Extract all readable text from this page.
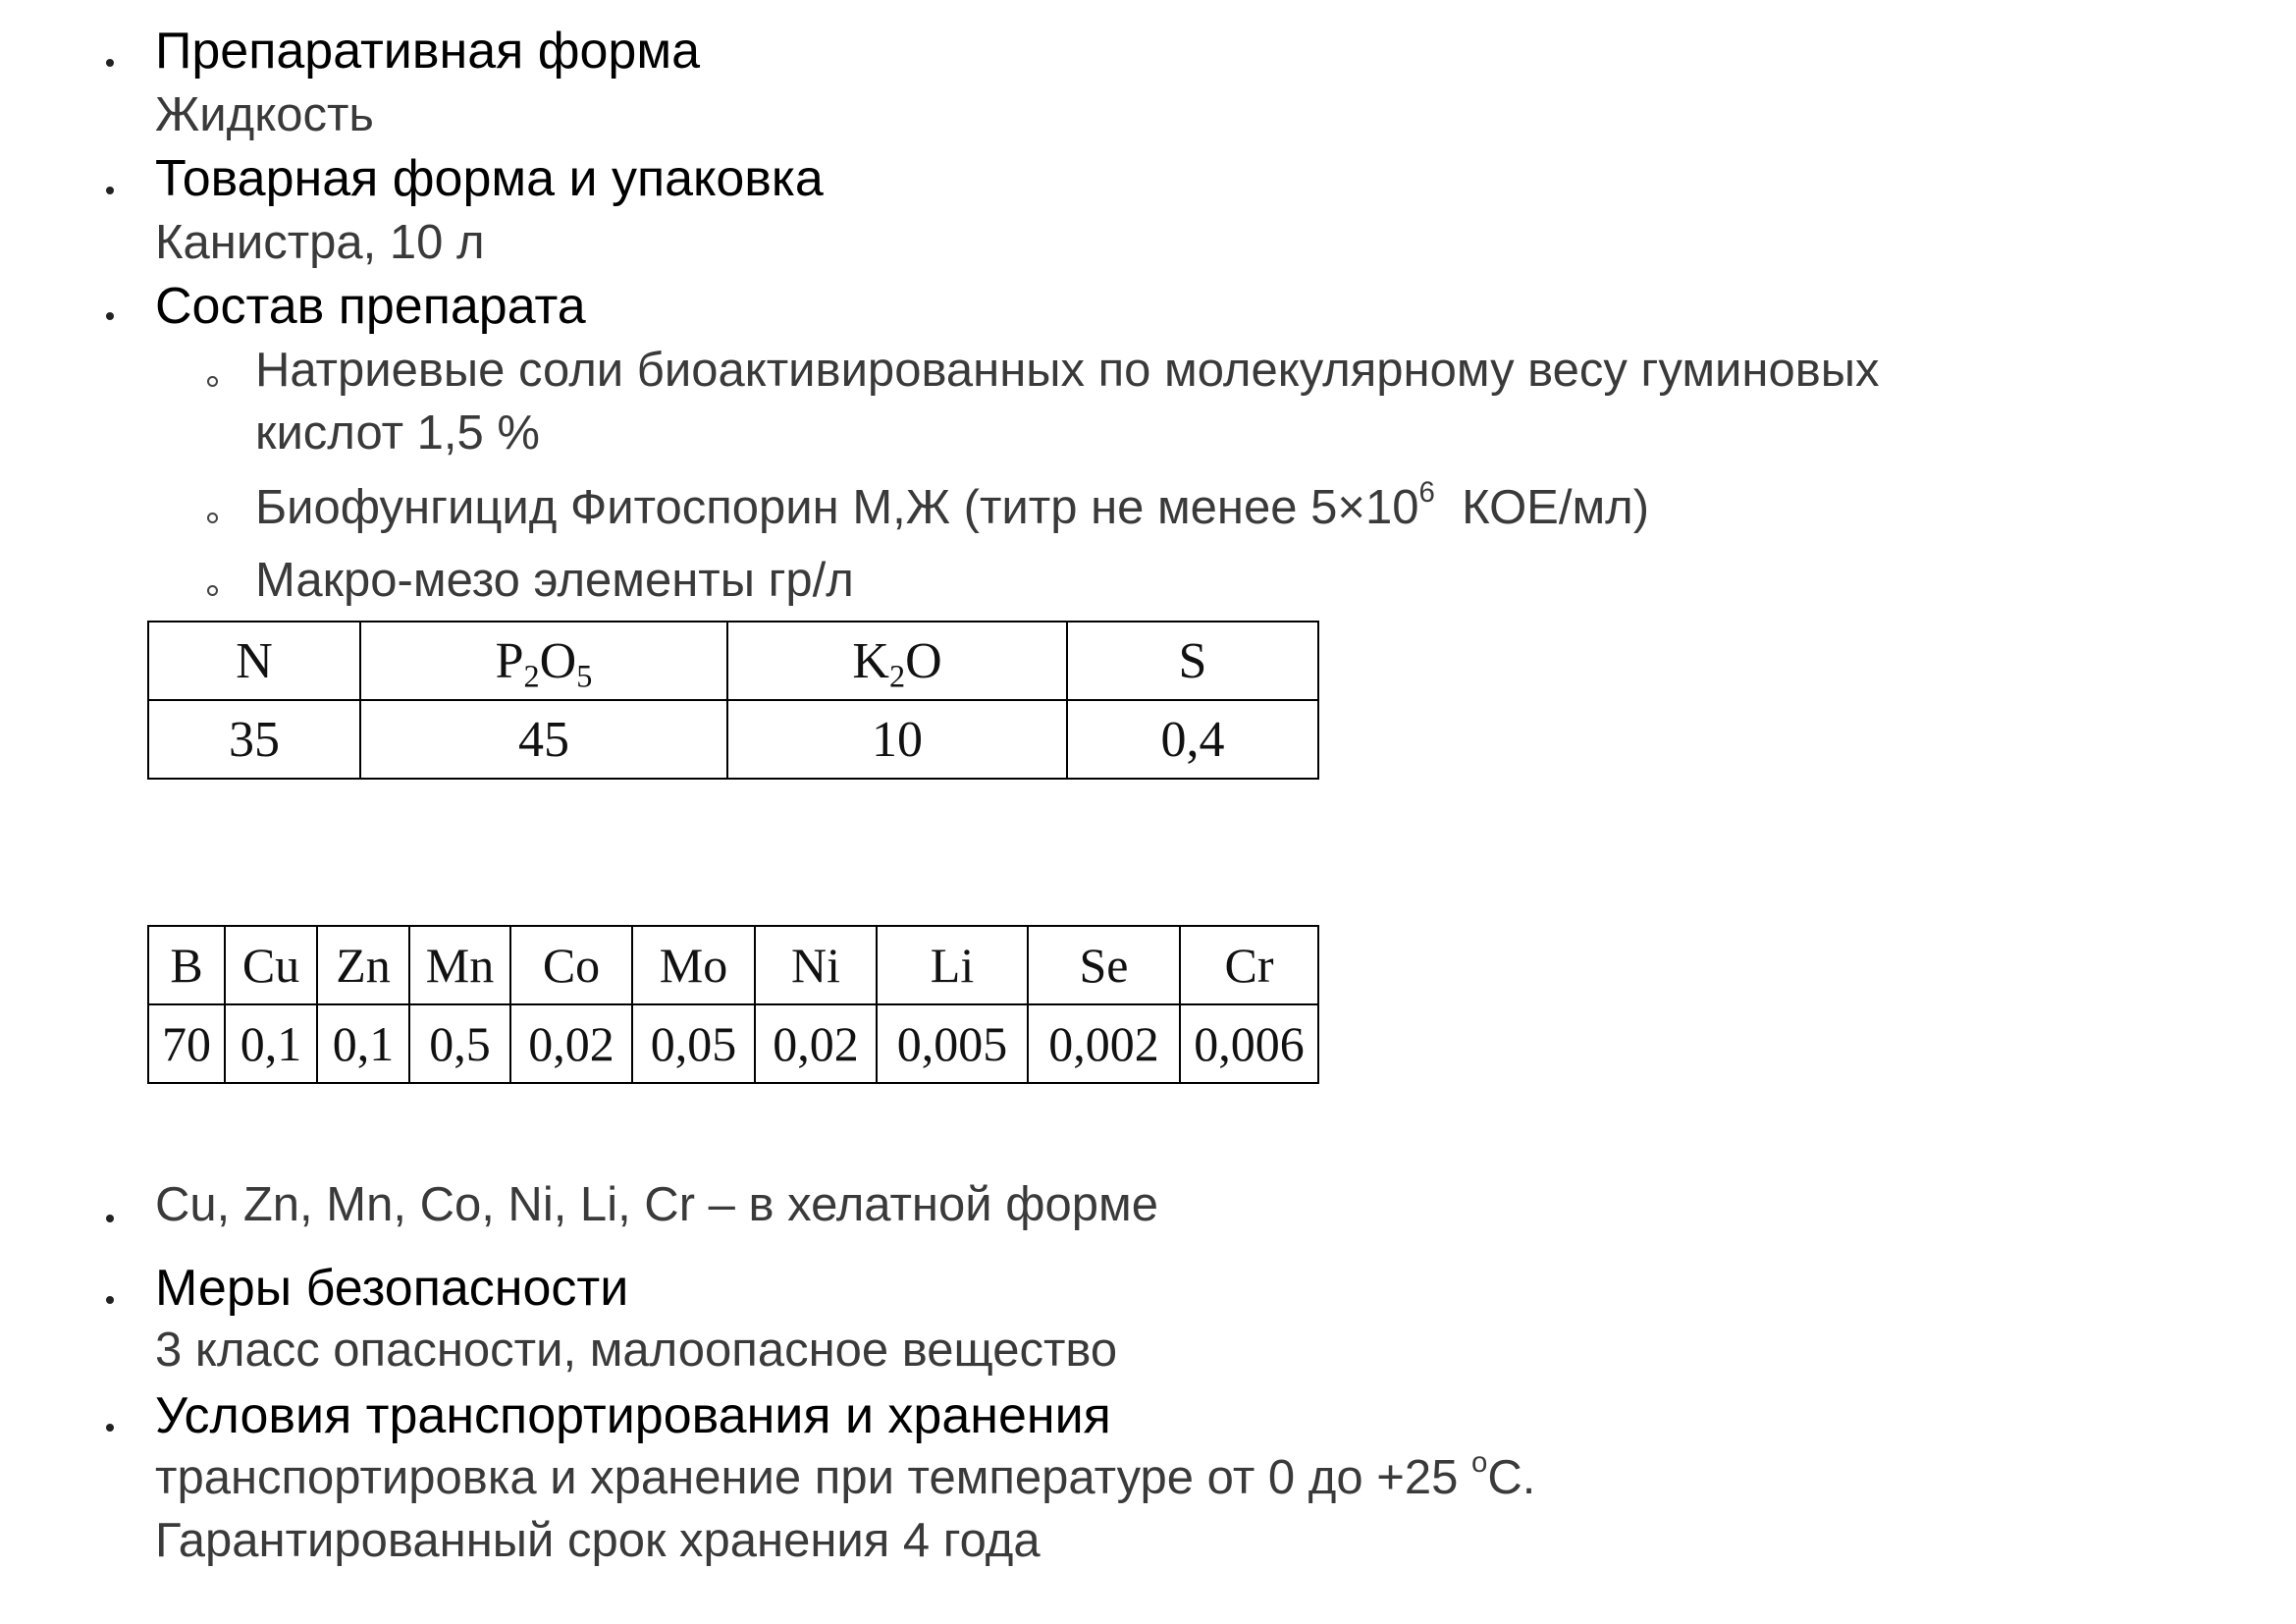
Препаративная форма
Жидкость
Товарная форма и упаковка
Канистра, 10 л
Состав препарата
Натриевые соли биоактивированных по молекулярному весу гуминовых
кислот 1,5 %
Биофунгицид Фитоспорин М,Ж (титр не менее $5\times 10^6$ КОЕ/мл)
Макро-мезо элементы гр/л
N	$P_2O_5$	$K_2O$	S
35	45	10	0,4
B	Cu	Zn	Mn	Co	Mo	Ni	Li	Se	Cr
70	0,1	0,1	0,5	0,02	0,05	0,02	0,005	0,002	0,006
Cu, Zn, Mn, Co, Ni, Li, Cr – в хелатной форме
Меры безопасности
3 класс опасности, малоопасное вещество
Условия транспортирования и хранения
транспортировка и хранение при температуре от 0 до +25 $^о$С.
Гарантированный срок хранения 4 года
